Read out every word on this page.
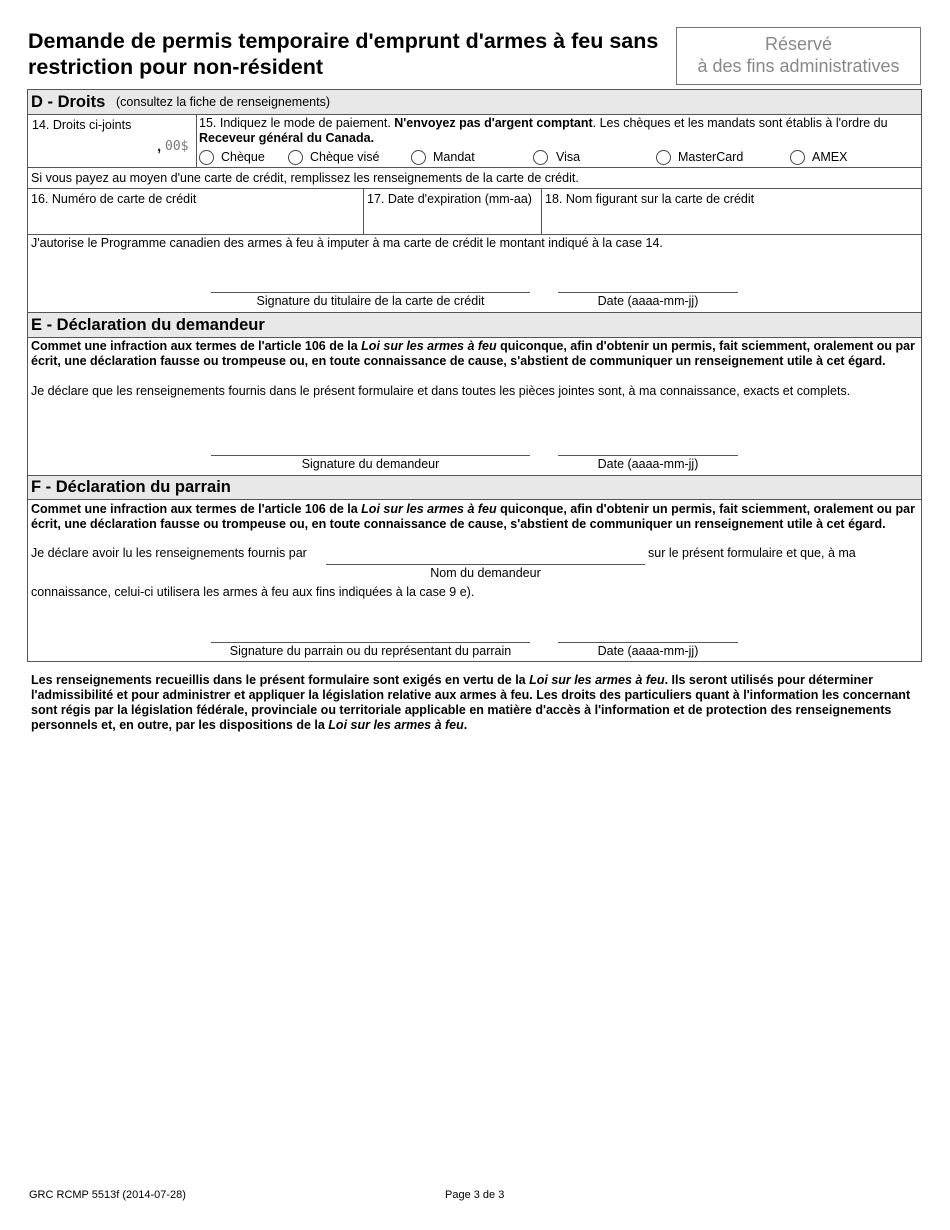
Demande de permis temporaire d'emprunt d'armes à feu sans
restriction pour non-résident
Réservé
à des fins administratives
D - Droits (consultez la fiche de renseignements)
14. Droits ci-joints
, 00$
15. Indiquez le mode de paiement. N'envoyez pas d'argent comptant. Les chèques et les mandats sont établis à l'ordre du
Receveur général du Canada.
Chèque	Chèque visé	Mandat	Visa	MasterCard	AMEX
Si vous payez au moyen d'une carte de crédit, remplissez les renseignements de la carte de crédit.
16. Numéro de carte de crédit	17. Date d'expiration (mm-aa) 18. Nom figurant sur la carte de crédit
J'autorise le Programme canadien des armes à feu à imputer à ma carte de crédit le montant indiqué à la case 14.
Signature du titulaire de la carte de crédit	Date (aaaa-mm-jj)
E - Déclaration du demandeur
Commet une infraction aux termes de l'article 106 de la Loi sur les armes à feu quiconque, afin d'obtenir un permis, fait sciemment, oralement ou par écrit, une déclaration fausse ou trompeuse ou, en toute connaissance de cause, s'abstient de communiquer un renseignement utile à cet égard.
Je déclare que les renseignements fournis dans le présent formulaire et dans toutes les pièces jointes sont, à ma connaissance, exacts et complets.
Signature du demandeur	Date (aaaa-mm-jj)
F - Déclaration du parrain
Commet une infraction aux termes de l'article 106 de la Loi sur les armes à feu quiconque, afin d'obtenir un permis, fait sciemment, oralement ou par écrit, une déclaration fausse ou trompeuse ou, en toute connaissance de cause, s'abstient de communiquer un renseignement utile à cet égard.
Je déclare avoir lu les renseignements fournis par	sur le présent formulaire et que, à ma
Nom du demandeur
connaissance, celui-ci utilisera les armes à feu aux fins indiquées à la case 9 e).
Signature du parrain ou du représentant du parrain	Date (aaaa-mm-jj)
Les renseignements recueillis dans le présent formulaire sont exigés en vertu de la Loi sur les armes à feu. Ils seront utilisés pour déterminer l'admissibilité et pour administrer et appliquer la législation relative aux armes à feu. Les droits des particuliers quant à l'information les concernant sont régis par la législation fédérale, provinciale ou territoriale applicable en matière d'accès à l'information et de protection des renseignements personnels et, en outre, par les dispositions de la Loi sur les armes à feu.
GRC RCMP 5513f (2014-07-28)	Page 3 de 3
